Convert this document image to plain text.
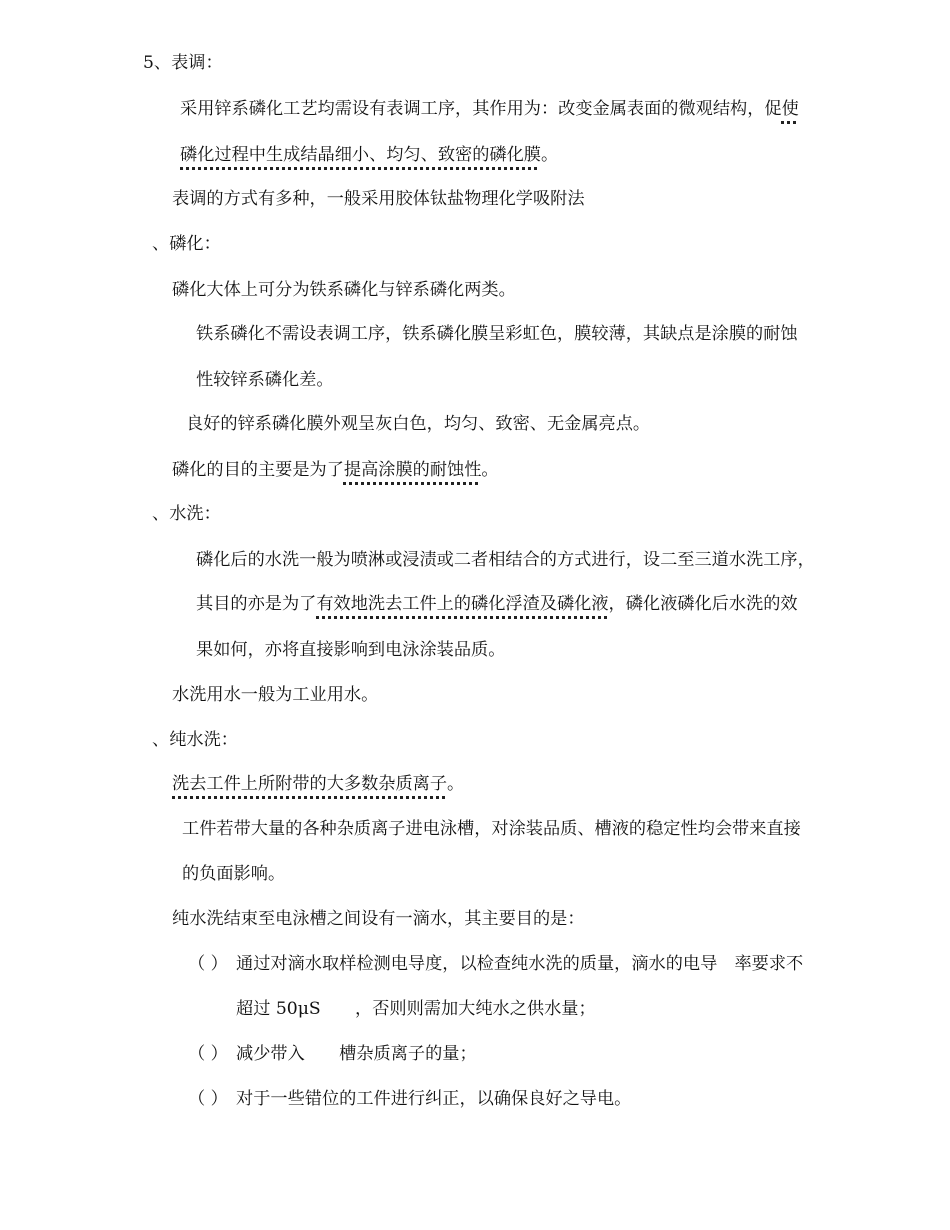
5、表调：
采用锌系磷化工艺均需设有表调工序，其作用为：改变金属表面的微观结构，促使
磷化过程中生成结晶细小、均匀、致密的磷化膜。
表调的方式有多种，一般采用胶体钛盐物理化学吸附法
、磷化：
磷化大体上可分为铁系磷化与锌系磷化两类。
铁系磷化不需设表调工序，铁系磷化膜呈彩虹色，膜较薄，其缺点是涂膜的耐蚀
性较锌系磷化差。
良好的锌系磷化膜外观呈灰白色，均匀、致密、无金属亮点。
磷化的目的主要是为了提高涂膜的耐蚀性。
、水洗：
磷化后的水洗一般为喷淋或浸渍或二者相结合的方式进行，设二至三道水洗工序，
其目的亦是为了有效地洗去工件上的磷化浮渣及磷化液，磷化液磷化后水洗的效
果如何，亦将直接影响到电泳涂装品质。
水洗用水一般为工业用水。
、纯水洗：
洗去工件上所附带的大多数杂质离子。
工件若带大量的各种杂质离子进电泳槽，对涂装品质、槽液的稳定性均会带来直接
的负面影响。
纯水洗结束至电泳槽之间设有一滴水，其主要目的是：
（ ） 通过对滴水取样检测电导度，以检查纯水洗的质量，滴水的电导　率要求不
超过 50μS　　，否则则需加大纯水之供水量；
（ ） 减少带入　　槽杂质离子的量；
（ ） 对于一些错位的工件进行纠正，以确保良好之导电。
